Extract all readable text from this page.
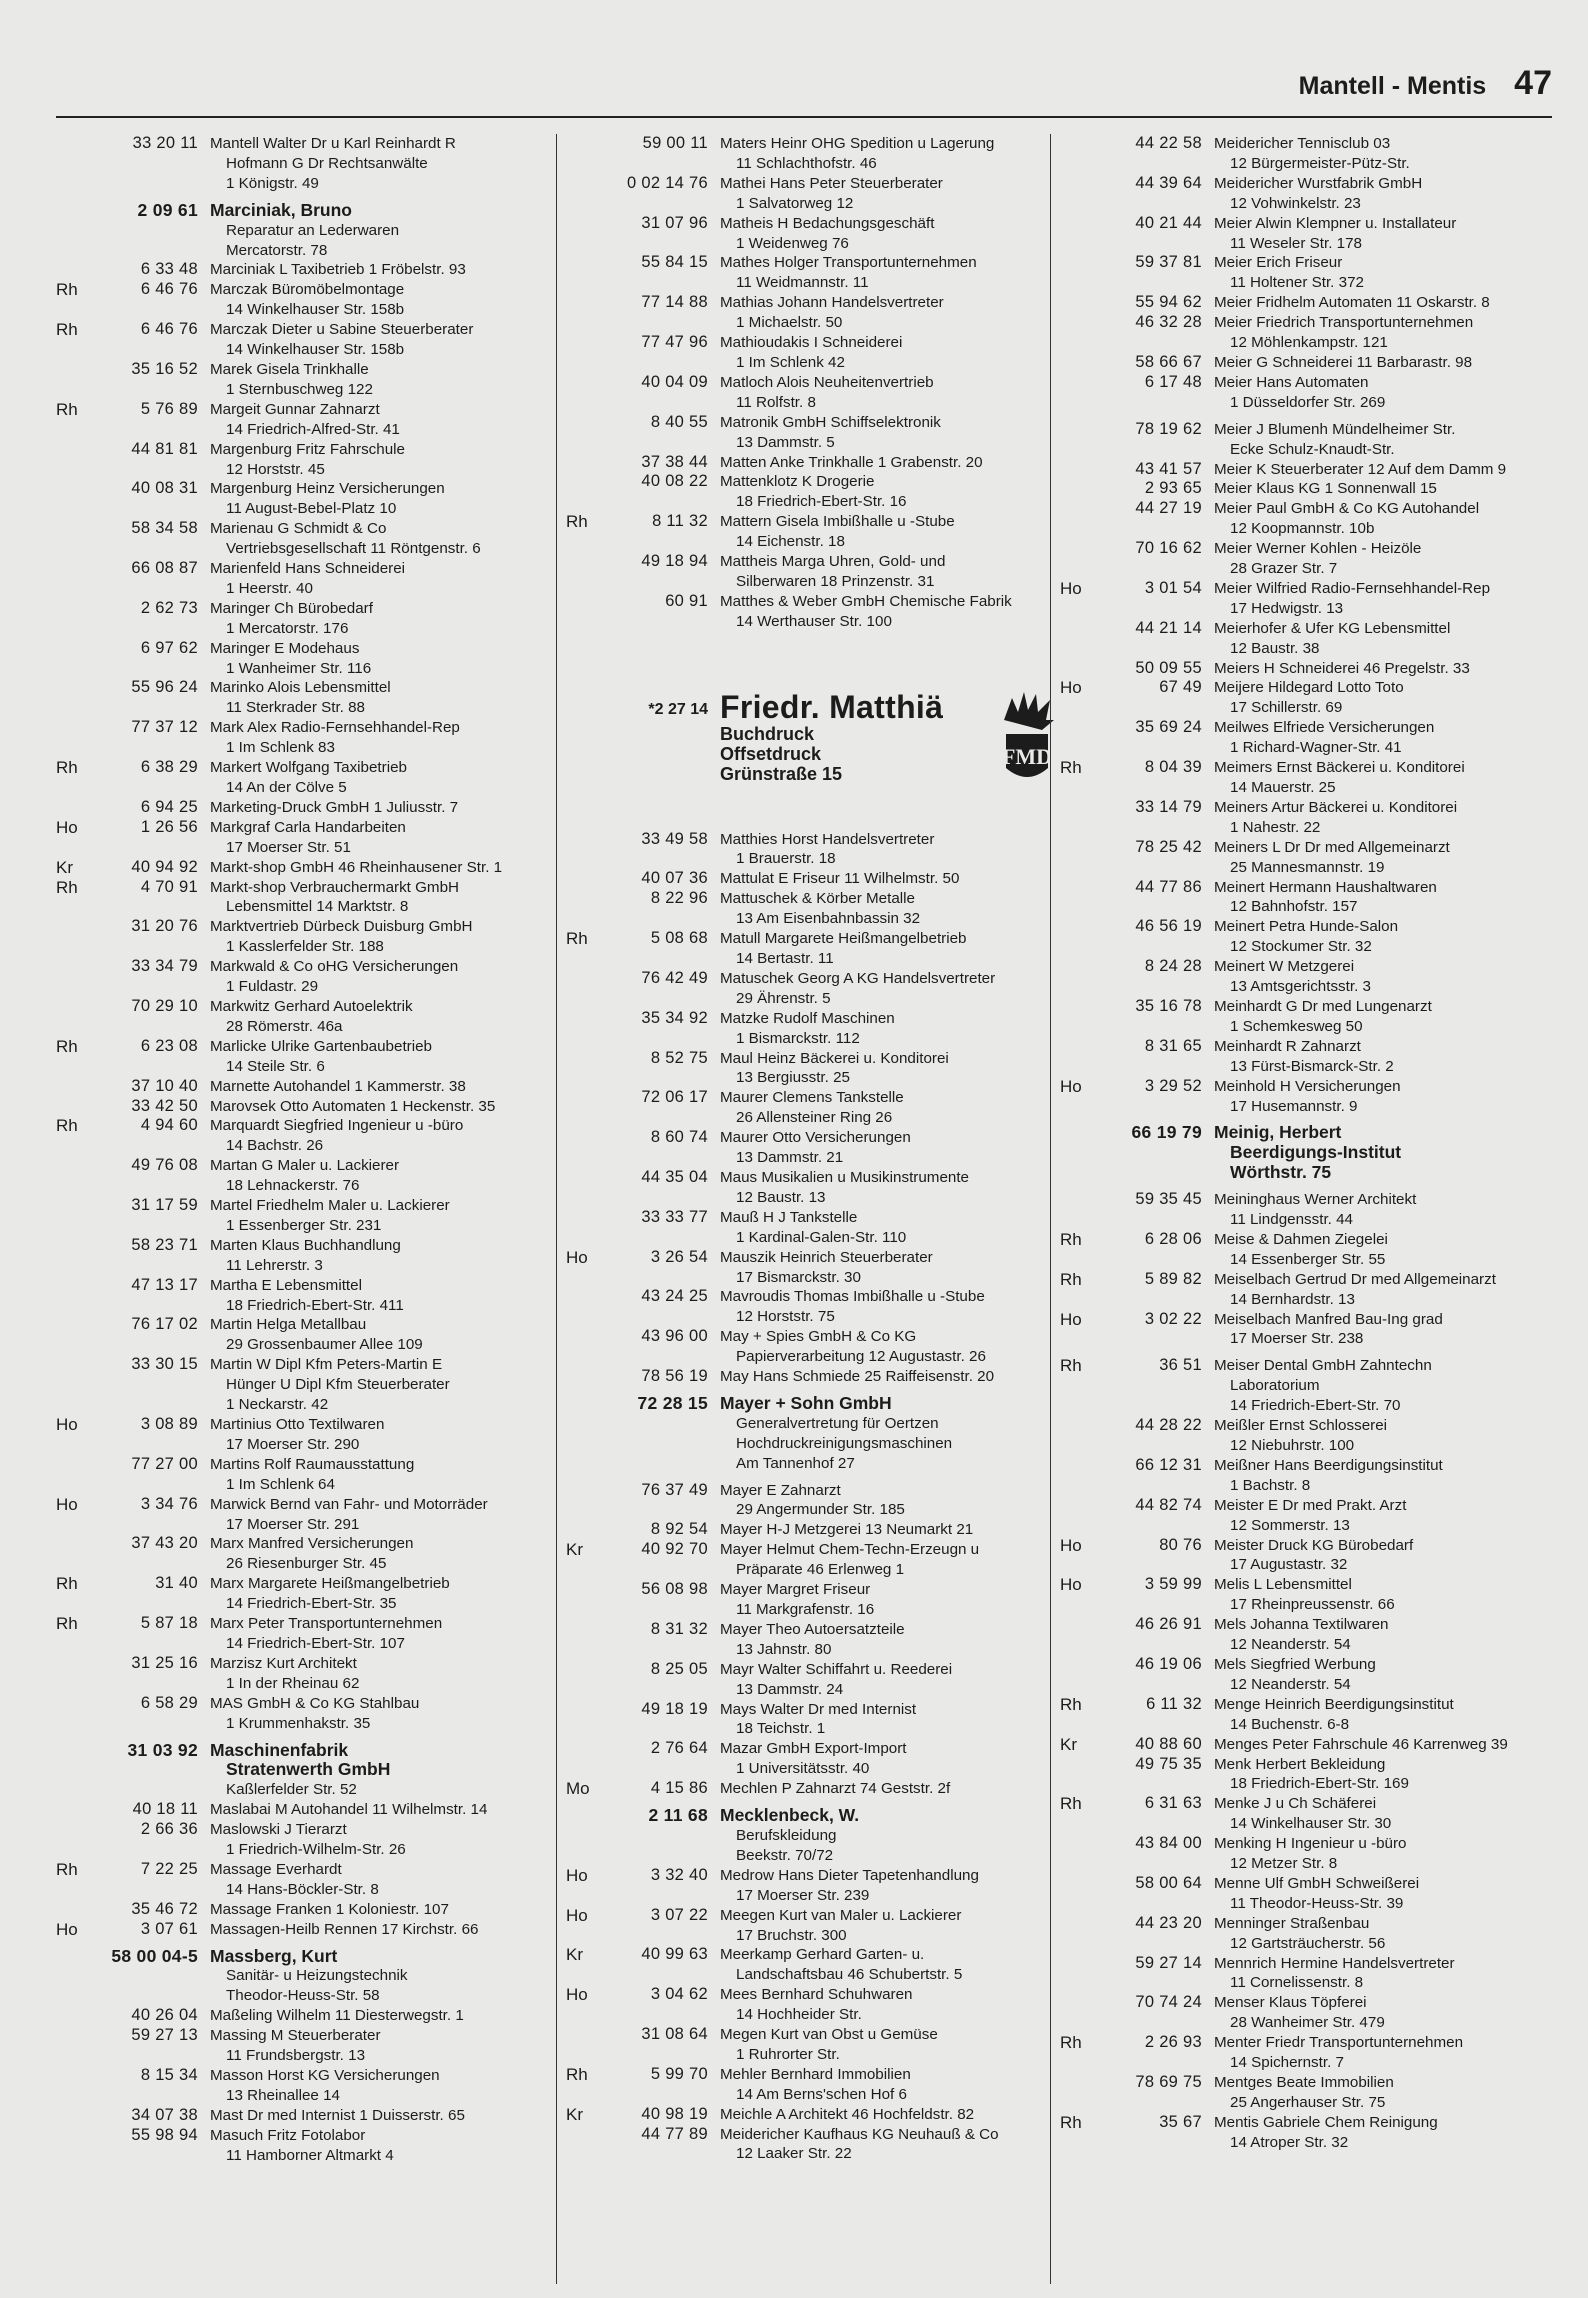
Mantell - Mentis 47
33 20 11 Mantell Walter Dr u Karl Reinhardt R
Hofmann G Dr Rechtsanwälte
1 Königstr. 49
2 09 61 Marciniak, Bruno
Reparatur an Lederwaren
Mercatorstr. 78
6 33 48 Marciniak L Taxibetrieb 1 Fröbelstr. 93
Rh	6 46 76 Marczak Büromöbelmontage
14 Winkelhauser Str. 158b
Rh	6 46 76 Marczak Dieter u Sabine Steuerberater
14 Winkelhauser Str. 158b
35 16 52 Marek Gisela Trinkhalle
1 Sternbuschweg 122
Rh	5 76 89 Margeit Gunnar Zahnarzt
14 Friedrich-Alfred-Str. 41
44 81 81 Margenburg Fritz Fahrschule
12 Horststr. 45
40 08 31 Margenburg Heinz Versicherungen
11 August-Bebel-Platz 10
58 34 58 Marienau G Schmidt & Co
Vertriebsgesellschaft 11 Röntgenstr. 6
66 08 87 Marienfeld Hans Schneiderei
1 Heerstr. 40
2 62 73 Maringer Ch Bürobedarf
1 Mercatorstr. 176
6 97 62 Maringer E Modehaus
1 Wanheimer Str. 116
55 96 24 Marinko Alois Lebensmittel
11 Sterkrader Str. 88
77 37 12 Mark Alex Radio-Fernsehhandel-Rep
1 Im Schlenk 83
Rh	6 38 29 Markert Wolfgang Taxibetrieb
14 An der Cölve 5
6 94 25 Marketing-Druck GmbH 1 Juliusstr. 7
Ho	1 26 56 Markgraf Carla Handarbeiten
17 Moerser Str. 51
Kr	40 94 92 Markt-shop GmbH 46 Rheinhausener Str. 1
Rh	4 70 91 Markt-shop Verbrauchermarkt GmbH
Lebensmittel 14 Marktstr. 8
31 20 76 Marktvertrieb Dürbeck Duisburg GmbH
1 Kasslerfelder Str. 188
33 34 79 Markwald & Co oHG Versicherungen
1 Fuldastr. 29
70 29 10 Markwitz Gerhard Autoelektrik
28 Römerstr. 46a
Rh	6 23 08 Marlicke Ulrike Gartenbaubetrieb
14 Steile Str. 6
37 10 40 Marnette Autohandel 1 Kammerstr. 38
33 42 50 Marovsek Otto Automaten 1 Heckenstr. 35
Rh	4 94 60 Marquardt Siegfried Ingenieur u -büro
14 Bachstr. 26
49 76 08 Martan G Maler u. Lackierer
18 Lehnackerstr. 76
31 17 59 Martel Friedhelm Maler u. Lackierer
1 Essenberger Str. 231
58 23 71 Marten Klaus Buchhandlung
11 Lehrerstr. 3
47 13 17 Martha E Lebensmittel
18 Friedrich-Ebert-Str. 411
76 17 02 Martin Helga Metallbau
29 Grossenbaumer Allee 109
33 30 15 Martin W Dipl Kfm Peters-Martin E
Hünger U Dipl Kfm Steuerberater
1 Neckarstr. 42
Ho	3 08 89 Martinius Otto Textilwaren
17 Moerser Str. 290
77 27 00 Martins Rolf Raumausstattung
1 Im Schlenk 64
Ho	3 34 76 Marwick Bernd van Fahr- und Motorräder
17 Moerser Str. 291
37 43 20 Marx Manfred Versicherungen
26 Riesenburger Str. 45
Rh	31 40 Marx Margarete Heißmangelbetrieb
14 Friedrich-Ebert-Str. 35
Rh	5 87 18 Marx Peter Transportunternehmen
14 Friedrich-Ebert-Str. 107
31 25 16 Marzisz Kurt Architekt
1 In der Rheinau 62
6 58 29 MAS GmbH & Co KG Stahlbau
1 Krummenhakstr. 35
31 03 92 Maschinenfabrik
Stratenwerth GmbH
Kaßlerfelder Str. 52
40 18 11 Maslabai M Autohandel 11 Wilhelmstr. 14
2 66 36 Maslowski J Tierarzt
1 Friedrich-Wilhelm-Str. 26
Rh	7 22 25 Massage Everhardt
14 Hans-Böckler-Str. 8
35 46 72 Massage Franken 1 Koloniestr. 107
Ho	3 07 61 Massagen-Heilb Rennen 17 Kirchstr. 66
58 00 04-5 Massberg, Kurt
Sanitär- u Heizungstechnik
Theodor-Heuss-Str. 58
40 26 04 Maßeling Wilhelm 11 Diesterwegstr. 1
59 27 13 Massing M Steuerberater
11 Frundsbergstr. 13
8 15 34 Masson Horst KG Versicherungen
13 Rheinallee 14
34 07 38 Mast Dr med Internist 1 Duisserstr. 65
55 98 94 Masuch Fritz Fotolabor
11 Hamborner Altmarkt 4
59 00 11 Maters Heinr OHG Spedition u Lagerung
11 Schlachthofstr. 46
0 02 14 76 Mathei Hans Peter Steuerberater
1 Salvatorweg 12
31 07 96 Matheis H Bedachungsgeschäft
1 Weidenweg 76
55 84 15 Mathes Holger Transportunternehmen
11 Weidmannstr. 11
77 14 88 Mathias Johann Handelsvertreter
1 Michaelstr. 50
77 47 96 Mathioudakis I Schneiderei
1 Im Schlenk 42
40 04 09 Matloch Alois Neuheitenvertrieb
11 Rolfstr. 8
8 40 55 Matronik GmbH Schiffselektronik
13 Dammstr. 5
37 38 44 Matten Anke Trinkhalle 1 Grabenstr. 20
40 08 22 Mattenklotz K Drogerie
18 Friedrich-Ebert-Str. 16
Rh	8 11 32 Mattern Gisela Imbißhalle u -Stube
14 Eichenstr. 18
49 18 94 Mattheis Marga Uhren, Gold- und
Silberwaren 18 Prinzenstr. 31
60 91 Matthes & Weber GmbH Chemische Fabrik
14 Werthauser Str. 100
*2 27 14 Friedr. Matthiä
Buchdruck
Offsetdruck
Grünstraße 15
FMD
33 49 58 Matthies Horst Handelsvertreter
1 Brauerstr. 18
40 07 36 Mattulat E Friseur 11 Wilhelmstr. 50
8 22 96 Mattuschek & Körber Metalle
13 Am Eisenbahnbassin 32
Rh	5 08 68 Matull Margarete Heißmangelbetrieb
14 Bertastr. 11
76 42 49 Matuschek Georg A KG Handelsvertreter
29 Ährenstr. 5
35 34 92 Matzke Rudolf Maschinen
1 Bismarckstr. 112
8 52 75 Maul Heinz Bäckerei u. Konditorei
13 Bergiusstr. 25
72 06 17 Maurer Clemens Tankstelle
26 Allensteiner Ring 26
8 60 74 Maurer Otto Versicherungen
13 Dammstr. 21
44 35 04 Maus Musikalien u Musikinstrumente
12 Baustr. 13
33 33 77 Mauß H J Tankstelle
1 Kardinal-Galen-Str. 110
Ho	3 26 54 Mauszik Heinrich Steuerberater
17 Bismarckstr. 30
43 24 25 Mavroudis Thomas Imbißhalle u -Stube
12 Horststr. 75
43 96 00 May + Spies GmbH & Co KG
Papierverarbeitung 12 Augustastr. 26
78 56 19 May Hans Schmiede 25 Raiffeisenstr. 20
72 28 15 Mayer + Sohn GmbH
Generalvertretung für Oertzen
Hochdruckreinigungsmaschinen
Am Tannenhof 27
76 37 49 Mayer E Zahnarzt
29 Angermunder Str. 185
8 92 54 Mayer H-J Metzgerei 13 Neumarkt 21
Kr	40 92 70 Mayer Helmut Chem-Techn-Erzeugn u
Präparate 46 Erlenweg 1
56 08 98 Mayer Margret Friseur
11 Markgrafenstr. 16
8 31 32 Mayer Theo Autoersatzteile
13 Jahnstr. 80
8 25 05 Mayr Walter Schiffahrt u. Reederei
13 Dammstr. 24
49 18 19 Mays Walter Dr med Internist
18 Teichstr. 1
2 76 64 Mazar GmbH Export-Import
1 Universitätsstr. 40
Mo	4 15 86 Mechlen P Zahnarzt 74 Geststr. 2f
2 11 68 Mecklenbeck, W.
Berufskleidung
Beekstr. 70/72
Ho	3 32 40 Medrow Hans Dieter Tapetenhandlung
17 Moerser Str. 239
Ho	3 07 22 Meegen Kurt van Maler u. Lackierer
17 Bruchstr. 300
Kr	40 99 63 Meerkamp Gerhard Garten- u.
Landschaftsbau 46 Schubertstr. 5
Ho	3 04 62 Mees Bernhard Schuhwaren
14 Hochheider Str.
31 08 64 Megen Kurt van Obst u Gemüse
1 Ruhrorter Str.
Rh	5 99 70 Mehler Bernhard Immobilien
14 Am Berns'schen Hof 6
Kr	40 98 19 Meichle A Architekt 46 Hochfeldstr. 82
44 77 89 Meidericher Kaufhaus KG Neuhauß & Co
12 Laaker Str. 22
44 22 58 Meidericher Tennisclub 03
12 Bürgermeister-Pütz-Str.
44 39 64 Meidericher Wurstfabrik GmbH
12 Vohwinkelstr. 23
40 21 44 Meier Alwin Klempner u. Installateur
11 Weseler Str. 178
59 37 81 Meier Erich Friseur
11 Holtener Str. 372
55 94 62 Meier Fridhelm Automaten 11 Oskarstr. 8
46 32 28 Meier Friedrich Transportunternehmen
12 Möhlenkampstr. 121
58 66 67 Meier G Schneiderei 11 Barbarastr. 98
6 17 48 Meier Hans Automaten
1 Düsseldorfer Str. 269
78 19 62 Meier J Blumenh Mündelheimer Str.
Ecke Schulz-Knaudt-Str.
43 41 57 Meier K Steuerberater 12 Auf dem Damm 9
2 93 65 Meier Klaus KG 1 Sonnenwall 15
44 27 19 Meier Paul GmbH & Co KG Autohandel
12 Koopmannstr. 10b
70 16 62 Meier Werner Kohlen - Heizöle
28 Grazer Str. 7
Ho	3 01 54 Meier Wilfried Radio-Fernsehhandel-Rep
17 Hedwigstr. 13
44 21 14 Meierhofer & Ufer KG Lebensmittel
12 Baustr. 38
50 09 55 Meiers H Schneiderei 46 Pregelstr. 33
Ho	67 49 Meijere Hildegard Lotto Toto
17 Schillerstr. 69
35 69 24 Meilwes Elfriede Versicherungen
1 Richard-Wagner-Str. 41
Rh	8 04 39 Meimers Ernst Bäckerei u. Konditorei
14 Mauerstr. 25
33 14 79 Meiners Artur Bäckerei u. Konditorei
1 Nahestr. 22
78 25 42 Meiners L Dr Dr med Allgemeinarzt
25 Mannesmannstr. 19
44 77 86 Meinert Hermann Haushaltwaren
12 Bahnhofstr. 157
46 56 19 Meinert Petra Hunde-Salon
12 Stockumer Str. 32
8 24 28 Meinert W Metzgerei
13 Amtsgerichtsstr. 3
35 16 78 Meinhardt G Dr med Lungenarzt
1 Schemkesweg 50
8 31 65 Meinhardt R Zahnarzt
13 Fürst-Bismarck-Str. 2
Ho	3 29 52 Meinhold H Versicherungen
17 Husemannstr. 9
66 19 79 Meinig, Herbert
Beerdigungs-Institut
Wörthstr. 75
59 35 45 Meininghaus Werner Architekt
11 Lindgensstr. 44
Rh	6 28 06 Meise & Dahmen Ziegelei
14 Essenberger Str. 55
Rh	5 89 82 Meiselbach Gertrud Dr med Allgemeinarzt
14 Bernhardstr. 13
Ho	3 02 22 Meiselbach Manfred Bau-Ing grad
17 Moerser Str. 238
Rh	36 51 Meiser Dental GmbH Zahntechn
Laboratorium
14 Friedrich-Ebert-Str. 70
44 28 22 Meißler Ernst Schlosserei
12 Niebuhrstr. 100
66 12 31 Meißner Hans Beerdigungsinstitut
1 Bachstr. 8
44 82 74 Meister E Dr med Prakt. Arzt
12 Sommerstr. 13
Ho	80 76 Meister Druck KG Bürobedarf
17 Augustastr. 32
Ho	3 59 99 Melis L Lebensmittel
17 Rheinpreussenstr. 66
46 26 91 Mels Johanna Textilwaren
12 Neanderstr. 54
46 19 06 Mels Siegfried Werbung
12 Neanderstr. 54
Rh	6 11 32 Menge Heinrich Beerdigungsinstitut
14 Buchenstr. 6-8
Kr	40 88 60 Menges Peter Fahrschule 46 Karrenweg 39
49 75 35 Menk Herbert Bekleidung
18 Friedrich-Ebert-Str. 169
Rh	6 31 63 Menke J u Ch Schäferei
14 Winkelhauser Str. 30
43 84 00 Menking H Ingenieur u -büro
12 Metzer Str. 8
58 00 64 Menne Ulf GmbH Schweißerei
11 Theodor-Heuss-Str. 39
44 23 20 Menninger Straßenbau
12 Gartsträucherstr. 56
59 27 14 Mennrich Hermine Handelsvertreter
11 Cornelissenstr. 8
70 74 24 Menser Klaus Töpferei
28 Wanheimer Str. 479
Rh	2 26 93 Menter Friedr Transportunternehmen
14 Spichernstr. 7
78 69 75 Mentges Beate Immobilien
25 Angerhauser Str. 75
Rh	35 67 Mentis Gabriele Chem Reinigung
14 Atroper Str. 32
